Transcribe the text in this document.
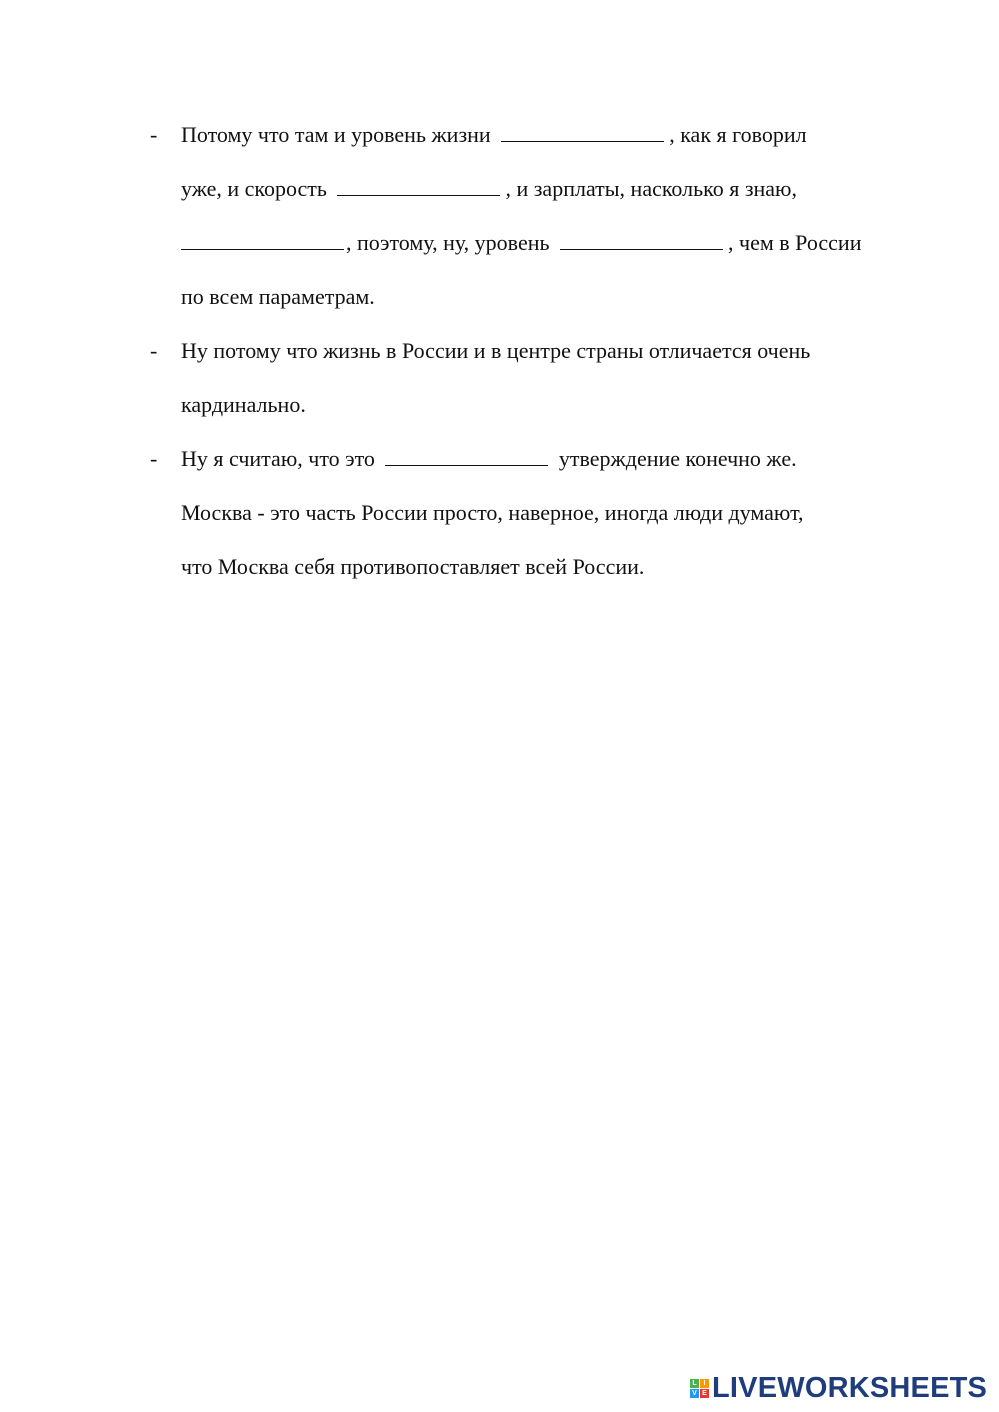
- Потому что там и уровень жизни	, как я говорил
уже, и скорость	, и зарплаты, насколько я знаю,
, поэтому, ну, уровень	, чем в России
по всем параметрам.
- Ну потому что жизнь в России и в центре страны отличается очень
кардинально.
- Ну я считаю, что это	утверждение конечно же.
Москва - это часть России просто, наверное, иногда люди думают,
что Москва себя противопоставляет всей России.
L I
V E LIVEWORKSHEETS
